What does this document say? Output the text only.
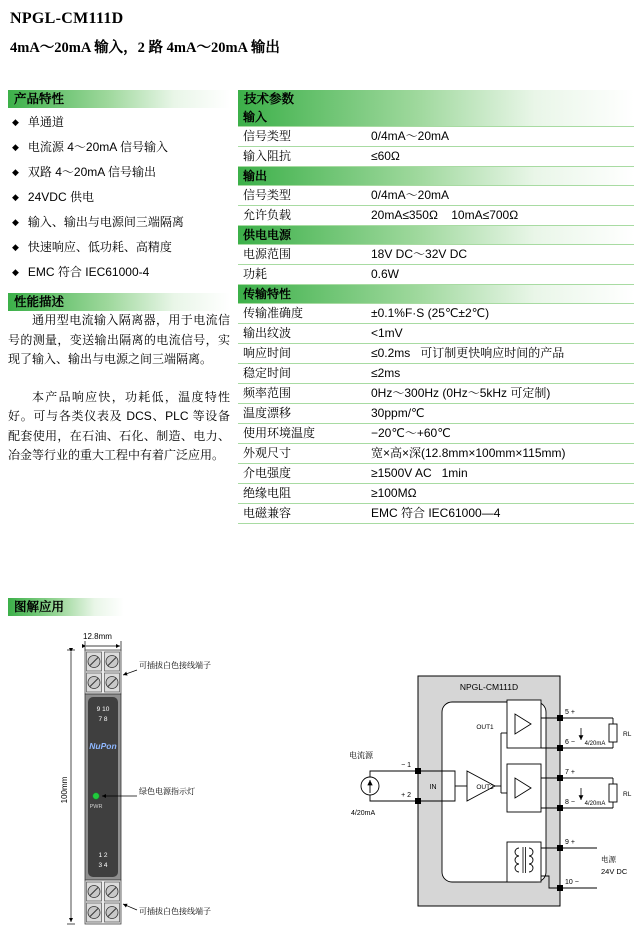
NPGL-CM111D
4mA～20mA 输入，2 路 4mA～20mA 输出
产品特性
◆ 单通道
◆ 电流源 4～20mA 信号输入
◆ 双路 4～20mA 信号输出
◆ 24VDC 供电
◆ 输入、输出与电源间三端隔离
◆ 快速响应、低功耗、高精度
◆ EMC 符合 IEC61000-4
性能描述

通用型电流输入隔离器，用于电流信号的测量，变送输出隔离的电流信号，实现了输入、输出与电源之间三端隔离。

本产品响应快，功耗低，温度特性好。可与各类仪表及 DCS、PLC 等设备配套使用，在石油、石化、制造、电力、冶金等行业的重大工程中有着广泛应用。

技术参数
输入
信号类型	0/4mA～20mA
输入阻抗	≤60Ω
输出
信号类型	0/4mA～20mA
允许负载	20mA≤350Ω    10mA≤700Ω
供电电源
电源范围	18V DC～32V DC
功耗	0.6W
传输特性
传输准确度	±0.1%F·S (25℃±2℃)
输出纹波	<1mV
响应时间	≤0.2ms   可订制更快响应时间的产品
稳定时间	≤2ms
频率范围	0Hz～300Hz (0Hz～5kHz 可定制)
温度漂移	30ppm/℃
使用环境温度	−20℃～+60℃
外观尺寸	宽×高×深(12.8mm×100mm×115mm)
介电强度	≥1500V AC   1min
绝缘电阻	≥100MΩ
电磁兼容	EMC 符合 IEC61000—4
图解应用
12.8mm
100mm
9 10
7 8
NuPon
PWR
1 2
3 4
可插拔白色接线端子
绿色电源指示灯
可插拔白色接线端子
NPGL-CM111D
电流源
4/20mA
− 1
+ 2
IN
OUT1
OUT2
RL
4/20mA
RL
4/20mA
电源
24V DC
5 +
6 −
7 +
8 −
9 +
10 −
